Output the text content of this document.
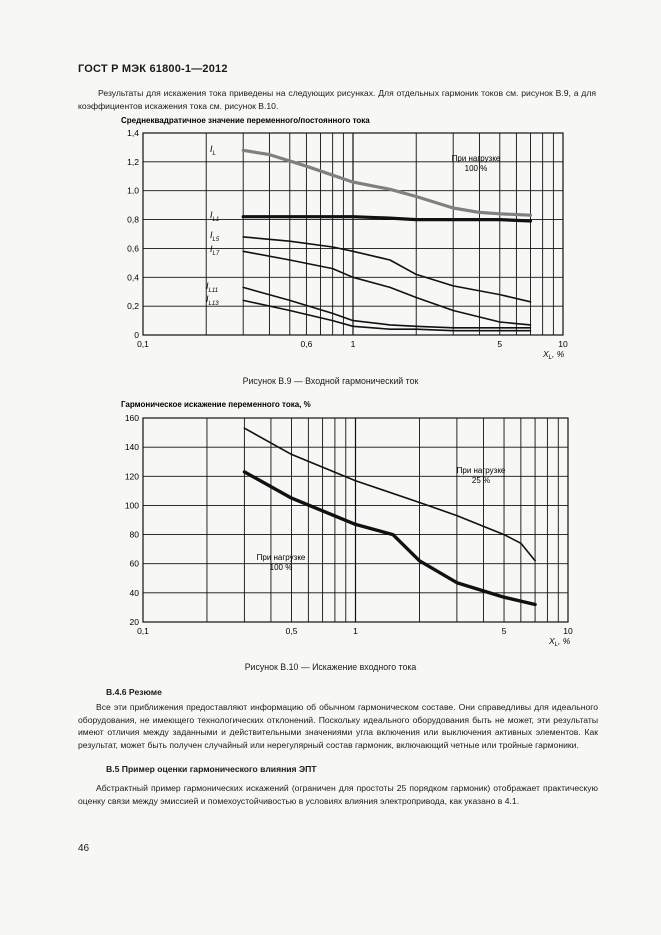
ГОСТ Р МЭК 61800-1—2012
Результаты для искажения тока приведены на следующих рисунках. Для отдельных гармоник токов см. рисунок В.9, а для коэффициентов искажения тока см. рисунок В.10.
Среднеквадратичное значение переменного/постоянного тока
1,4
1,2
1,0
0,8
0,6
0,4
0,2
0
0,1	0,6	1	5	10
$I_L$
$I_{L1}$
$I_{L5}$
$I_{L7}$
$I_{L11}$
$I_{L13}$
При нагрузке
100 %
$X_L$, %
Рисунок В.9 — Входной гармонический ток
Гармоническое искажение переменного тока, %
160
140
120
100
80
60
40
20
0,1	0,5	1	5	10
При нагрузке
25 %
При нагрузке
100 %
$X_L$, %
Рисунок В.10 — Искажение входного тока
В.4.6 Резюме
Все эти приближения предоставляют информацию об обычном гармоническом составе. Они справедливы для идеального оборудования, не имеющего технологических отклонений. Поскольку идеального оборудования быть не может, эти результаты имеют отличия между заданными и действительными значениями угла включения или выключения активных элементов. Как результат, может быть получен случайный или нерегулярный состав гармоник, включающий четные или тройные гармоники.
В.5 Пример оценки гармонического влияния ЭПТ
Абстрактный пример гармонических искажений (ограничен для простоты 25 порядком гармоник) отображает практическую оценку связи между эмиссией и помехоустойчивостью в условиях влияния электропривода, как указано в 4.1.
46
